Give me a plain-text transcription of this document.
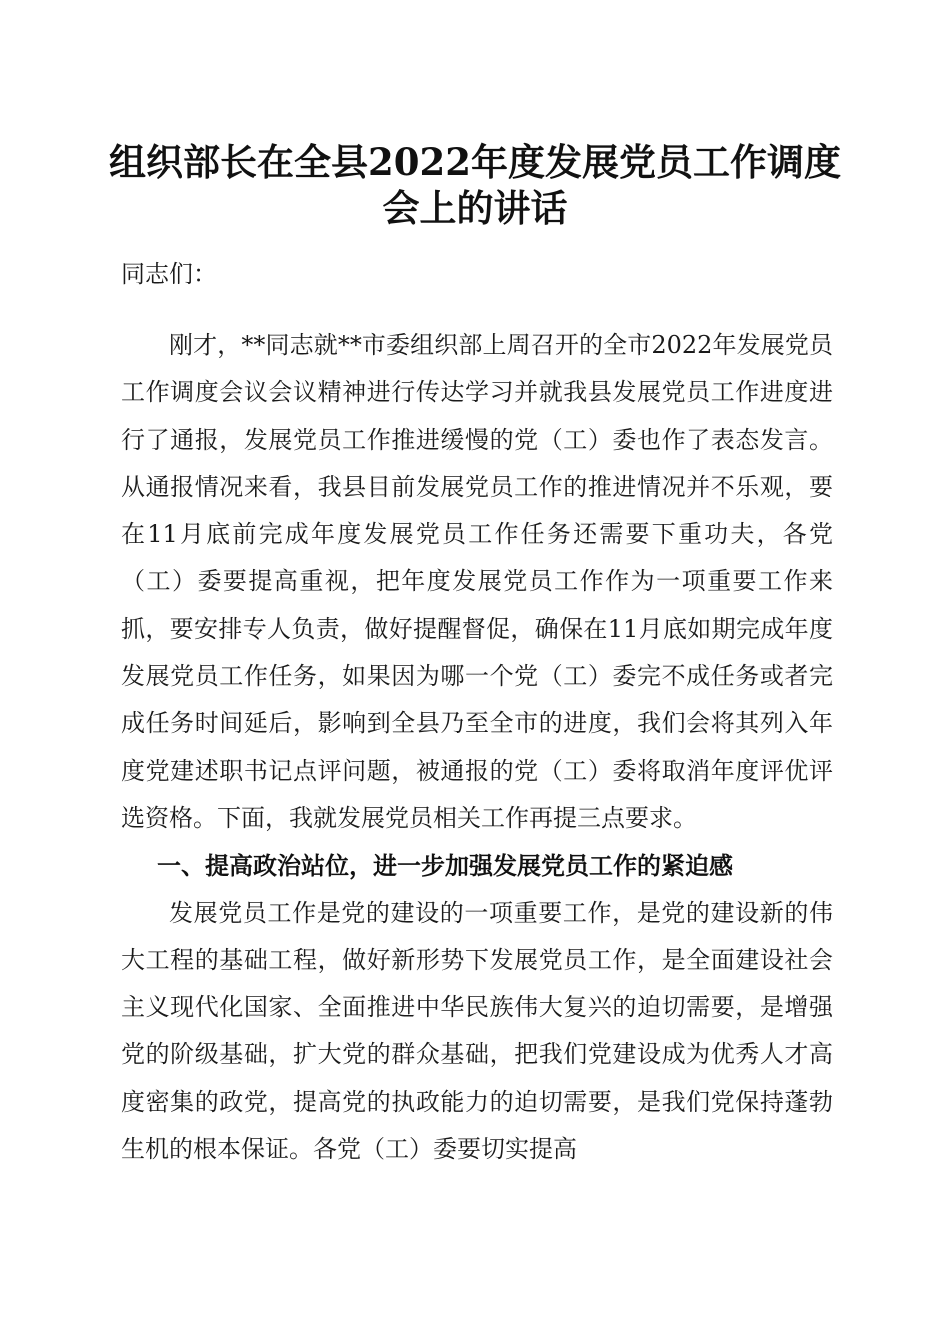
组织部长在全县2022年度发展党员工作调度
会上的讲话
同志们：

刚才，**同志就**市委组织部上周召开的全市2022年发展党员工作调度会议会议精神进行传达学习并就我县发展党员工作进度进行了通报，发展党员工作推进缓慢的党（工）委也作了表态发言。从通报情况来看，我县目前发展党员工作的推进情况并不乐观，要在11月底前完成年度发展党员工作任务还需要下重功夫，各党（工）委要提高重视，把年度发展党员工作作为一项重要工作来抓，要安排专人负责，做好提醒督促，确保在11月底如期完成年度发展党员工作任务，如果因为哪一个党（工）委完不成任务或者完成任务时间延后，影响到全县乃至全市的进度，我们会将其列入年度党建述职书记点评问题，被通报的党（工）委将取消年度评优评选资格。下面，我就发展党员相关工作再提三点要求。

一、提高政治站位，进一步加强发展党员工作的紧迫感

发展党员工作是党的建设的一项重要工作，是党的建设新的伟大工程的基础工程，做好新形势下发展党员工作，是全面建设社会主义现代化国家、全面推进中华民族伟大复兴的迫切需要，是增强党的阶级基础，扩大党的群众基础，把我们党建设成为优秀人才高度密集的政党，提高党的执政能力的迫切需要，是我们党保持蓬勃生机的根本保证。各党（工）委要切实提高
